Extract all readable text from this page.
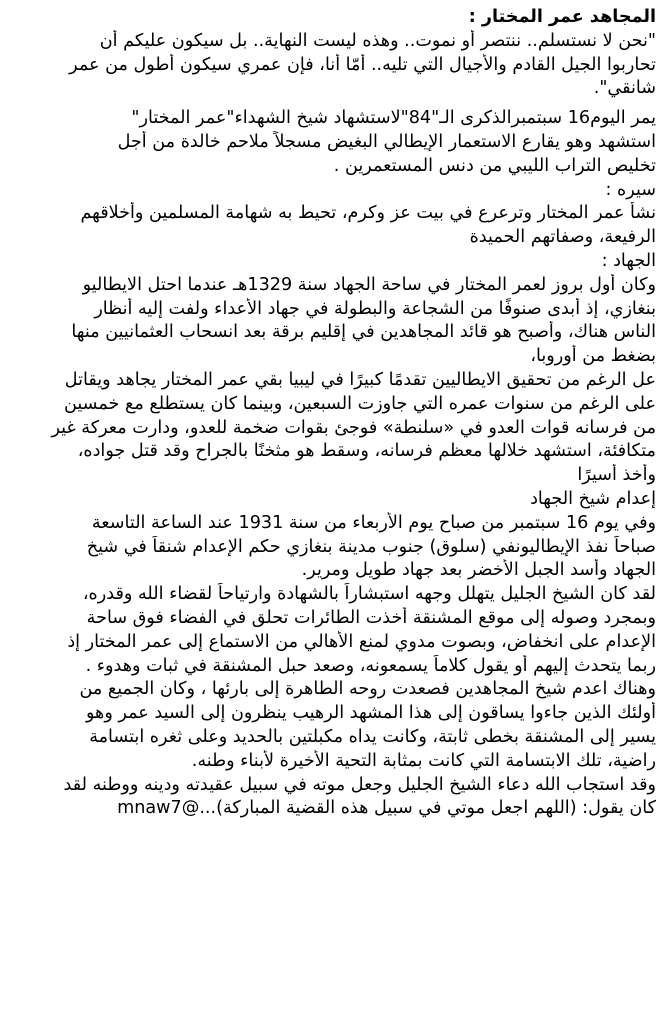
المجاهد عمر المختار :
"نحن لا نستسلم.. ننتصر أو نموت.. وهذه ليست النهاية.. بل سيكون عليكم أن
تحاربوا الجيل القادم والأجيال التي تليه.. أمّا أنا، فإن عمري سيكون أطول من عمر
شانقي".
يمر اليوم16 سبتمبرالذكرى الـ"84"لاستشهاد شيخ الشهداء"عمر المختار"
استشهد وهو يقارع الاستعمار الإيطالي البغيض مسجلاً ملاحم خالدة من أجل
تخليص التراب الليبي من دنس المستعمرين .
سيره :
نشأ عمر المختار وترعرع في بيت عز وكرم، تحيط به شهامة المسلمين وأخلاقهم
الرفيعة، وصفاتهم الحميدة
الجهاد :
وكان أول بروز لعمر المختار في ساحة الجهاد سنة 1329هـ عندما احتل الايطاليو
بنغازي، إذ أبدى صنوفًا من الشجاعة والبطولة في جهاد الأعداء ولفت إليه أنظار
الناس هناك، وأصبح هو قائد المجاهدين في إقليم برقة بعد انسحاب العثمانيين منها
بضغط من أوروبا،
عل الرغم من تحقيق الايطاليين تقدمًا كبيرًا في ليبيا بقي عمر المختار يجاهد ويقاتل
على الرغم من سنوات عمره التي جاوزت السبعين، وبينما كان يستطلع مع خمسين
من فرسانه قوات العدو في «سلنطة» فوجئ بقوات ضخمة للعدو، ودارت معركة غير
متكافئة، استشهد خلالها معظم فرسانه، وسقط هو مثخنًا بالجراح وقد قتل جواده،
وأخذ أسيرًا
إعدام شيخ الجهاد
وفي يوم 16 سبتمبر من صباح يوم الأربعاء من سنة 1931 عند الساعة التاسعة
صباحاً نفذ الإيطاليونفي (سلوق) جنوب مدينة بنغازي حكم الإعدام شنقاً في شيخ
الجهاد وأسد الجبل الأخضر بعد جهاد طويل ومرير.
لقد كان الشيخ الجليل يتهلل وجهه استبشاراً بالشهادة وارتياحاً لقضاء الله وقدره،
وبمجرد وصوله إلى موقع المشنقة أخذت الطائرات تحلق في الفضاء فوق ساحة
الإعدام على انخفاض، وبصوت مدوي لمنع الأهالي من الاستماع إلى عمر المختار إذ
ربما يتحدث إليهم أو يقول كلاماً يسمعونه، وصعد حبل المشنقة في ثبات وهدوء .
وهناك اعدم شيخ المجاهدين فصعدت روحه الطاهرة إلى بارئها ، وكان الجميع من
أولئك الذين جاءوا يساقون إلى هذا المشهد الرهيب ينظرون إلى السيد عمر وهو
يسير إلى المشنقة بخطى ثابتة، وكانت يداه مكبلتين بالحديد وعلى ثغره ابتسامة
راضية، تلك الابتسامة التي كانت بمثابة التحية الأخيرة لأبناء وطنه.
وقد استجاب الله دعاء الشيخ الجليل وجعل موته في سبيل عقيدته ودينه ووطنه لقد
كان يقول: (اللهم اجعل موتي في سبيل هذه القضية المباركة)...@mnaw7
